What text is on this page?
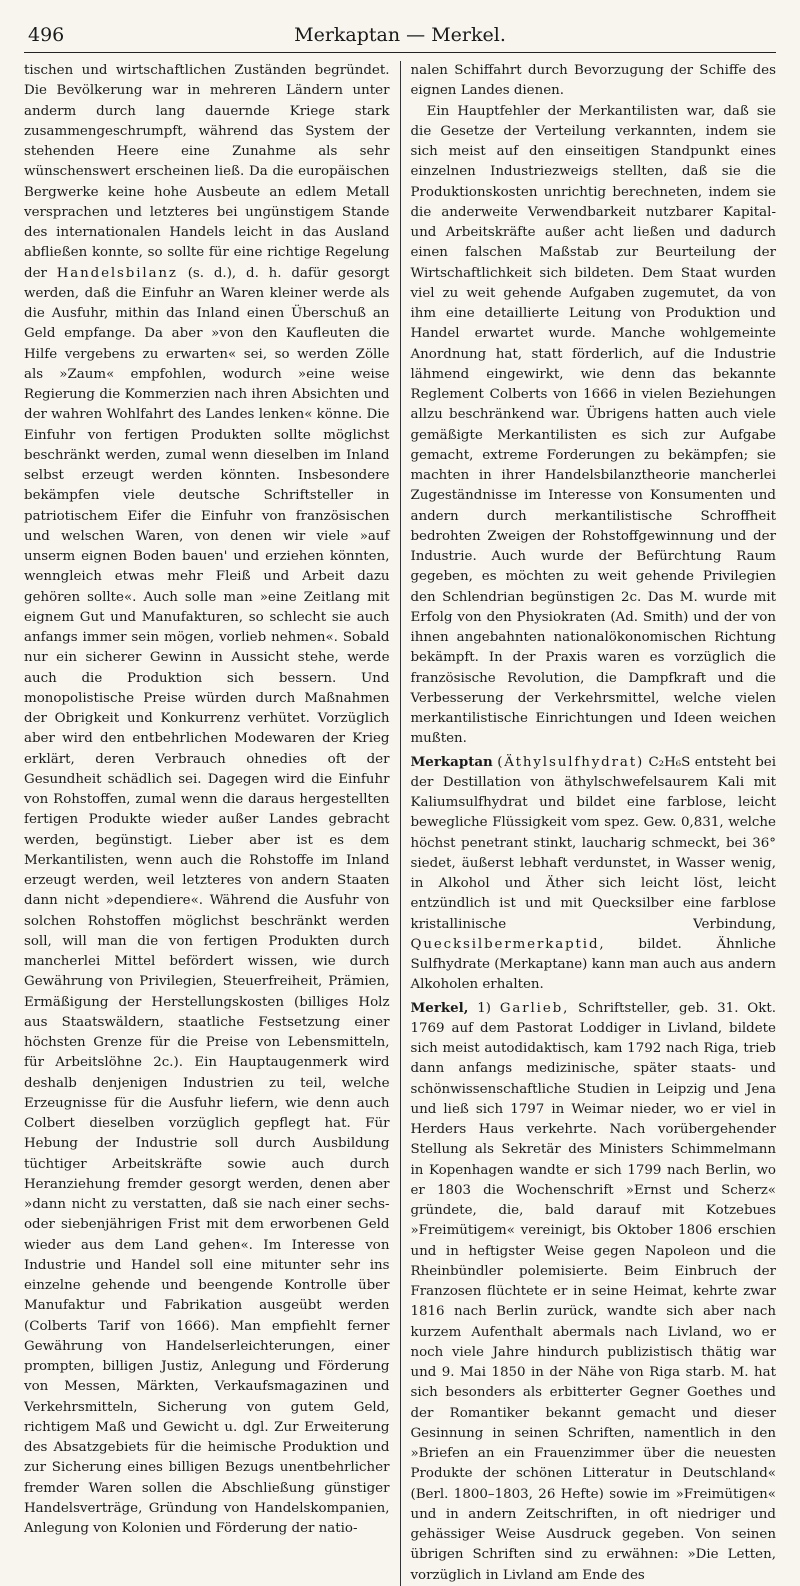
496	Merkaptan — Merkel.

tischen und wirtschaftlichen Zuständen begründet. Die Bevölkerung war in mehreren Ländern unter anderm durch lang dauernde Kriege stark zusammengeschrumpft, während das System der stehenden Heere eine Zunahme als sehr wünschenswert erscheinen ließ. Da die europäischen Bergwerke keine hohe Ausbeute an edlem Metall versprachen und letzteres bei ungünstigem Stande des internationalen Handels leicht in das Ausland abfließen konnte, so sollte für eine richtige Regelung der Handelsbilanz (s. d.), d. h. dafür gesorgt werden, daß die Einfuhr an Waren kleiner werde als die Ausfuhr, mithin das Inland einen Überschuß an Geld empfange. Da aber »von den Kaufleuten die Hilfe vergebens zu erwarten« sei, so werden Zölle als »Zaum« empfohlen, wodurch »eine weise Regierung die Kommerzien nach ihren Absichten und der wahren Wohlfahrt des Landes lenken« könne. Die Einfuhr von fertigen Produkten sollte möglichst beschränkt werden, zumal wenn dieselben im Inland selbst erzeugt werden könnten. Insbesondere bekämpfen viele deutsche Schriftsteller in patriotischem Eifer die Einfuhr von französischen und welschen Waren, von denen wir viele »auf unserm eignen Boden bauen' und erziehen könnten, wenngleich etwas mehr Fleiß und Arbeit dazu gehören sollte«. Auch solle man »eine Zeitlang mit eignem Gut und Manufakturen, so schlecht sie auch anfangs immer sein mögen, vorlieb nehmen«. Sobald nur ein sicherer Gewinn in Aussicht stehe, werde auch die Produktion sich bessern. Und monopolistische Preise würden durch Maßnahmen der Obrigkeit und Konkurrenz verhütet. Vorzüglich aber wird den entbehrlichen Modewaren der Krieg erklärt, deren Verbrauch ohnedies oft der Gesundheit schädlich sei. Dagegen wird die Einfuhr von Rohstoffen, zumal wenn die daraus hergestellten fertigen Produkte wieder außer Landes gebracht werden, begünstigt. Lieber aber ist es dem Merkantilisten, wenn auch die Rohstoffe im Inland erzeugt werden, weil letzteres von andern Staaten dann nicht »dependiere«. Während die Ausfuhr von solchen Rohstoffen möglichst beschränkt werden soll, will man die von fertigen Produkten durch mancherlei Mittel befördert wissen, wie durch Gewährung von Privilegien, Steuerfreiheit, Prämien, Ermäßigung der Herstellungskosten (billiges Holz aus Staatswäldern, staatliche Festsetzung einer höchsten Grenze für die Preise von Lebensmitteln, für Arbeitslöhne 2c.). Ein Hauptaugenmerk wird deshalb denjenigen Industrien zu teil, welche Erzeugnisse für die Ausfuhr liefern, wie denn auch Colbert dieselben vorzüglich gepflegt hat. Für Hebung der Industrie soll durch Ausbildung tüchtiger Arbeitskräfte sowie auch durch Heranziehung fremder gesorgt werden, denen aber »dann nicht zu verstatten, daß sie nach einer sechs- oder siebenjährigen Frist mit dem erworbenen Geld wieder aus dem Land gehen«. Im Interesse von Industrie und Handel soll eine mitunter sehr ins einzelne gehende und beengende Kontrolle über Manufaktur und Fabrikation ausgeübt werden (Colberts Tarif von 1666). Man empfiehlt ferner Gewährung von Handelserleichterungen, einer prompten, billigen Justiz, Anlegung und Förderung von Messen, Märkten, Verkaufsmagazinen und Verkehrsmitteln, Sicherung von gutem Geld, richtigem Maß und Gewicht u. dgl. Zur Erweiterung des Absatzgebiets für die heimische Produktion und zur Sicherung eines billigen Bezugs unentbehrlicher fremder Waren sollen die Abschließung günstiger Handelsverträge, Gründung von Handelskompanien, Anlegung von Kolonien und Förderung der natio-

nalen Schiffahrt durch Bevorzugung der Schiffe des eignen Landes dienen.

Ein Hauptfehler der Merkantilisten war, daß sie die Gesetze der Verteilung verkannten, indem sie sich meist auf den einseitigen Standpunkt eines einzelnen Industriezweigs stellten, daß sie die Produktionskosten unrichtig berechneten, indem sie die anderweite Verwendbarkeit nutzbarer Kapital- und Arbeitskräfte außer acht ließen und dadurch einen falschen Maßstab zur Beurteilung der Wirtschaftlichkeit sich bildeten. Dem Staat wurden viel zu weit gehende Aufgaben zugemutet, da von ihm eine detaillierte Leitung von Produktion und Handel erwartet wurde. Manche wohlgemeinte Anordnung hat, statt förderlich, auf die Industrie lähmend eingewirkt, wie denn das bekannte Reglement Colberts von 1666 in vielen Beziehungen allzu beschränkend war. Übrigens hatten auch viele gemäßigte Merkantilisten es sich zur Aufgabe gemacht, extreme Forderungen zu bekämpfen; sie machten in ihrer Handelsbilanztheorie mancherlei Zugeständnisse im Interesse von Konsumenten und andern durch merkantilistische Schroffheit bedrohten Zweigen der Rohstoffgewinnung und der Industrie. Auch wurde der Befürchtung Raum gegeben, es möchten zu weit gehende Privilegien den Schlendrian begünstigen 2c. Das M. wurde mit Erfolg von den Physiokraten (Ad. Smith) und der von ihnen angebahnten nationalökonomischen Richtung bekämpft. In der Praxis waren es vorzüglich die französische Revolution, die Dampfkraft und die Verbesserung der Verkehrsmittel, welche vielen merkantilistische Einrichtungen und Ideen weichen mußten.

Merkaptan (Äthylsulfhydrat) C₂H₆S entsteht bei der Destillation von äthylschwefelsaurem Kali mit Kaliumsulfhydrat und bildet eine farblose, leicht bewegliche Flüssigkeit vom spez. Gew. 0,831, welche höchst penetrant stinkt, laucharig schmeckt, bei 36° siedet, äußerst lebhaft verdunstet, in Wasser wenig, in Alkohol und Äther sich leicht löst, leicht entzündlich ist und mit Quecksilber eine farblose kristallinische Verbindung, Quecksilbermerkaptid, bildet. Ähnliche Sulfhydrate (Merkaptane) kann man auch aus andern Alkoholen erhalten.

Merkel, 1) Garlieb, Schriftsteller, geb. 31. Okt. 1769 auf dem Pastorat Loddiger in Livland, bildete sich meist autodidaktisch, kam 1792 nach Riga, trieb dann anfangs medizinische, später staats- und schönwissenschaftliche Studien in Leipzig und Jena und ließ sich 1797 in Weimar nieder, wo er viel in Herders Haus verkehrte. Nach vorübergehender Stellung als Sekretär des Ministers Schimmelmann in Kopenhagen wandte er sich 1799 nach Berlin, wo er 1803 die Wochenschrift »Ernst und Scherz« gründete, die, bald darauf mit Kotzebues »Freimütigem« vereinigt, bis Oktober 1806 erschien und in heftigster Weise gegen Napoleon und die Rheinbündler polemisierte. Beim Einbruch der Franzosen flüchtete er in seine Heimat, kehrte zwar 1816 nach Berlin zurück, wandte sich aber nach kurzem Aufenthalt abermals nach Livland, wo er noch viele Jahre hindurch publizistisch thätig war und 9. Mai 1850 in der Nähe von Riga starb. M. hat sich besonders als erbitterter Gegner Goethes und der Romantiker bekannt gemacht und dieser Gesinnung in seinen Schriften, namentlich in den »Briefen an ein Frauenzimmer über die neuesten Produkte der schönen Litteratur in Deutschland« (Berl. 1800–1803, 26 Hefte) sowie im »Freimütigen« und in andern Zeitschriften, in oft niedriger und gehässiger Weise Ausdruck gegeben. Von seinen übrigen Schriften sind zu erwähnen: »Die Letten, vorzüglich in Livland am Ende des
